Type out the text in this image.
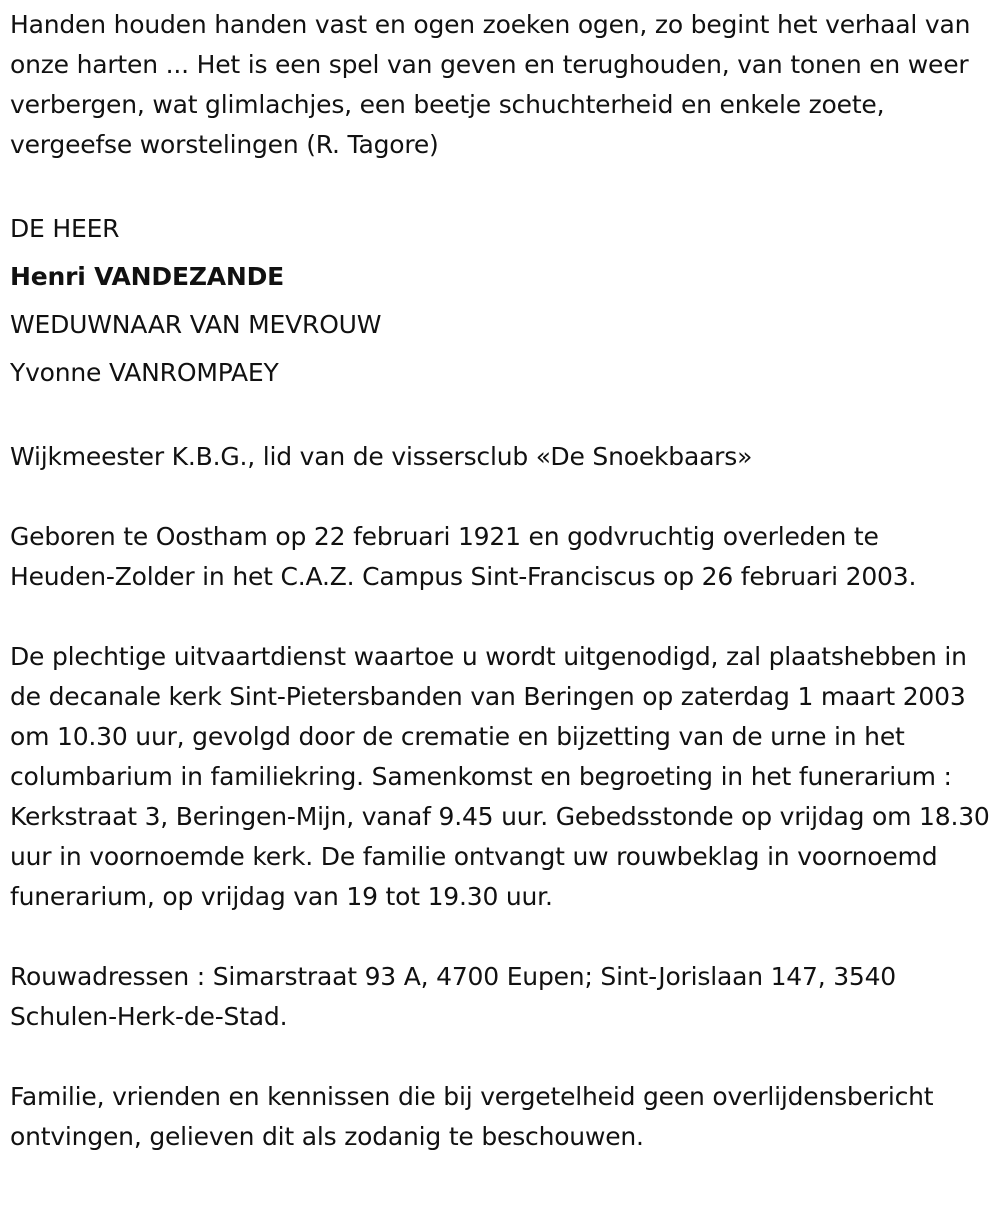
Handen houden handen vast en ogen zoeken ogen, zo begint het verhaal van onze harten ... Het is een spel van geven en terughouden, van tonen en weer verbergen, wat glimlachjes, een beetje schuchterheid en enkele zoete, vergeefse worstelingen (R. Tagore)

DE HEER

Henri VANDEZANDE

WEDUWNAAR VAN MEVROUW

Yvonne VANROMPAEY

Wijkmeester K.B.G., lid van de vissersclub «De Snoekbaars»

Geboren te Oostham op 22 februari 1921 en godvruchtig overleden te Heuden-Zolder in het C.A.Z. Campus Sint-Franciscus op 26 februari 2003.

De plechtige uitvaartdienst waartoe u wordt uitgenodigd, zal plaatshebben in de decanale kerk Sint-Pietersbanden van Beringen op zaterdag 1 maart 2003 om 10.30 uur, gevolgd door de crematie en bijzetting van de urne in het columbarium in familiekring. Samenkomst en begroeting in het funerarium : Kerkstraat 3, Beringen-Mijn, vanaf 9.45 uur. Gebedsstonde op vrijdag om 18.30 uur in voornoemde kerk. De familie ontvangt uw rouwbeklag in voornoemd funerarium, op vrijdag van 19 tot 19.30 uur.

Rouwadressen : Simarstraat 93 A, 4700 Eupen; Sint-Jorislaan 147, 3540 Schulen-Herk-de-Stad.

Familie, vrienden en kennissen die bij vergetelheid geen overlijdensbericht ontvingen, gelieven dit als zodanig te beschouwen.
